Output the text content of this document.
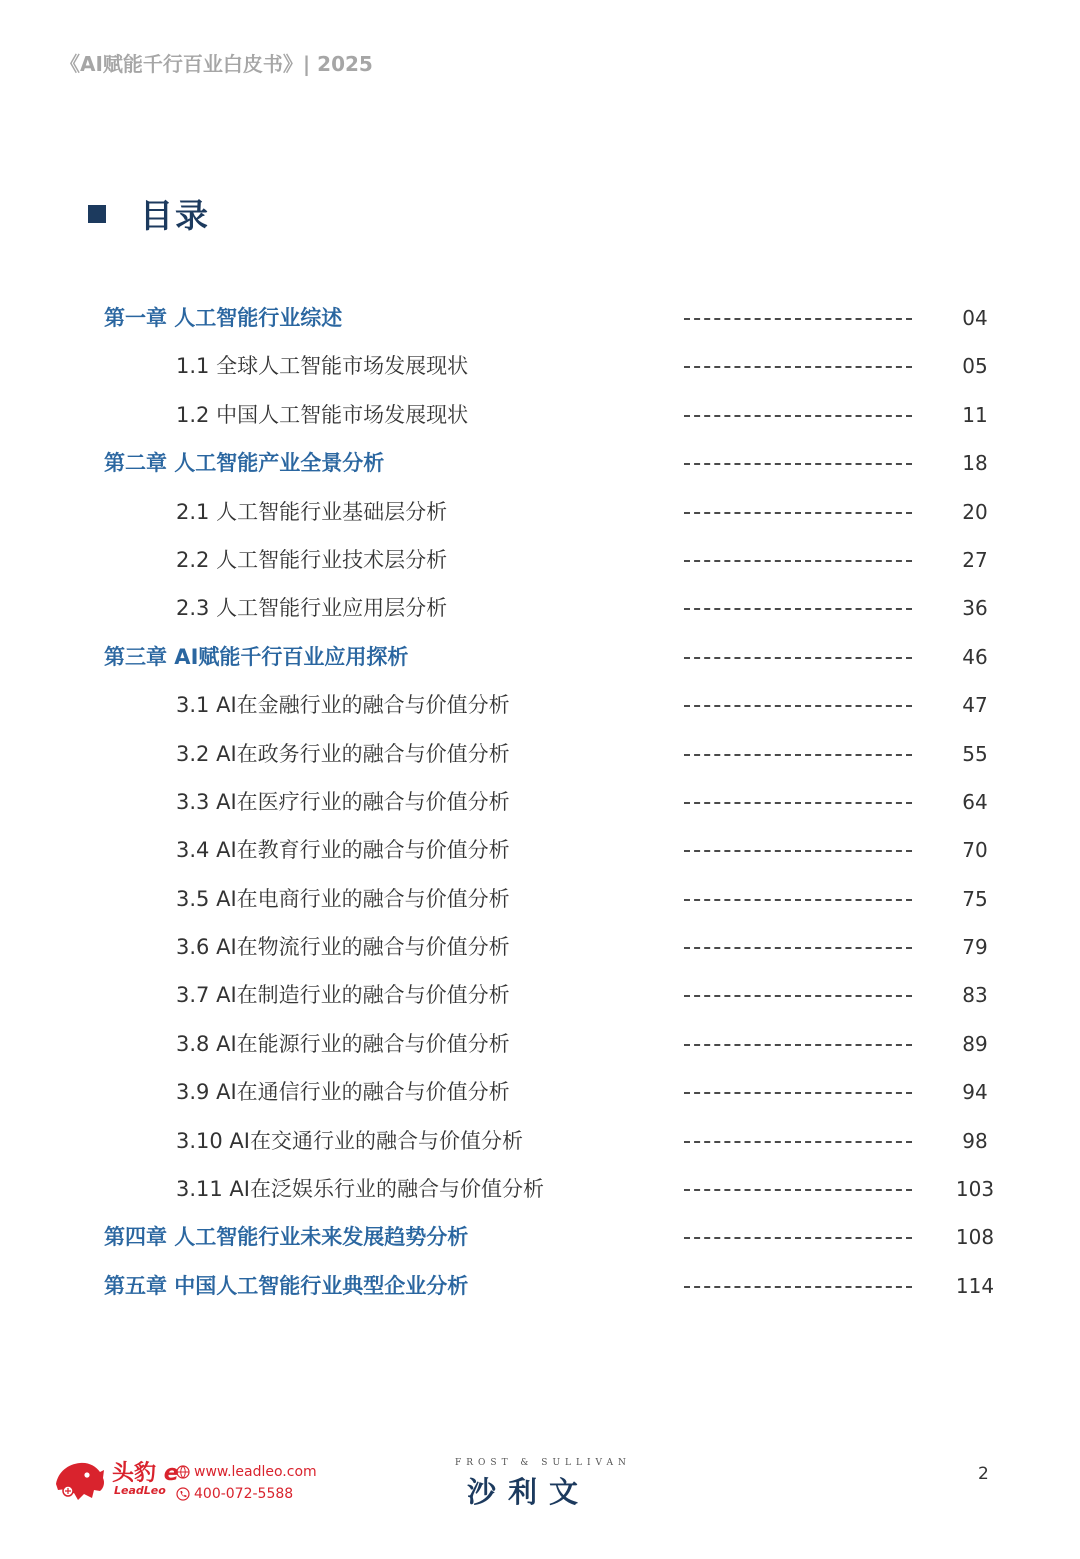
《AI赋能千行百业白皮书》| 2025
目录
第一章 人工智能行业综述	04
1.1 全球人工智能市场发展现状	05
1.2 中国人工智能市场发展现状	11
第二章 人工智能产业全景分析	18
2.1 人工智能行业基础层分析	20
2.2 人工智能行业技术层分析	27
2.3 人工智能行业应用层分析	36
第三章 AI赋能千行百业应用探析	46
3.1 AI在金融行业的融合与价值分析	47
3.2 AI在政务行业的融合与价值分析	55
3.3 AI在医疗行业的融合与价值分析	64
3.4 AI在教育行业的融合与价值分析	70
3.5 AI在电商行业的融合与价值分析	75
3.6 AI在物流行业的融合与价值分析	79
3.7 AI在制造行业的融合与价值分析	83
3.8 AI在能源行业的融合与价值分析	89
3.9 AI在通信行业的融合与价值分析	94
3.10 AI在交通行业的融合与价值分析	98
3.11 AI在泛娱乐行业的融合与价值分析	103
第四章 人工智能行业未来发展趋势分析	108
第五章 中国人工智能行业典型企业分析	114
头豹 e
LeadLeo
www.leadleo.com
400-072-5588
FROST & SULLIVAN
沙利文
2
